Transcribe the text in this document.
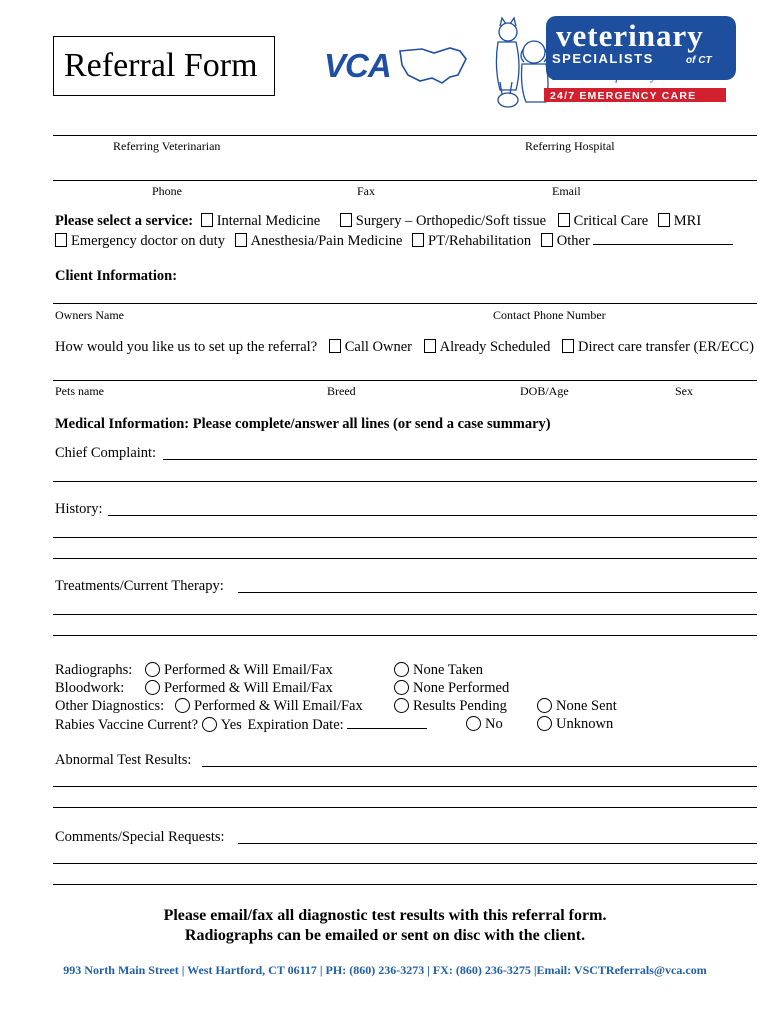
Referral Form	VCA
veterinary
SPECIALISTS	of CT
Routine & Specialty Care
24/7 EMERGENCY CARE
Referring Veterinarian	Referring Hospital
Phone	Fax	Email
Please select a service: Internal Medicine Surgery – Orthopedic/Soft tissue Critical Care MRI
Emergency doctor on duty Anesthesia/Pain Medicine PT/Rehabilitation Other
Client Information:
Owners Name	Contact Phone Number
How would you like us to set up the referral? Call Owner Already Scheduled Direct care transfer (ER/ECC)
Pets name	Breed	DOB/Age	Sex
Medical Information: Please complete/answer all lines (or send a case summary)
Chief Complaint:
History:
Treatments/Current Therapy:
Radiographs:	Performed & Will Email/Fax	None Taken
Bloodwork:	Performed & Will Email/Fax	None Performed
Other Diagnostics:	Performed & Will Email/Fax	Results Pending	None Sent
Rabies Vaccine Current? Yes Expiration Date:	No	Unknown
Abnormal Test Results:
Comments/Special Requests:
Please email/fax all diagnostic test results with this referral form.
Radiographs can be emailed or sent on disc with the client.
993 North Main Street | West Hartford, CT 06117 | PH: (860) 236-3273 | FX: (860) 236-3275 |Email: VSCTReferrals@vca.com
